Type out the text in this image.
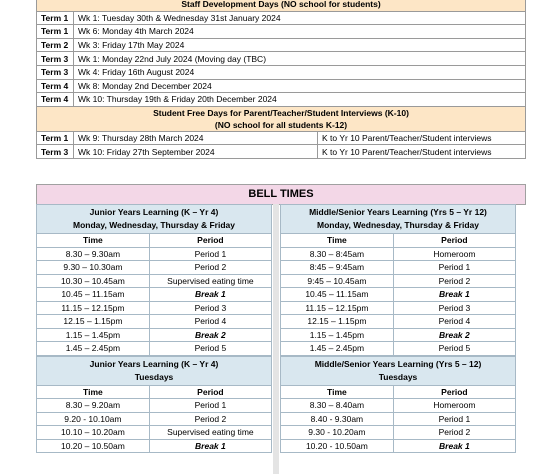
Staff Development Days (NO school for students)		
Term 1	Wk 1: Tuesday 30th & Wednesday 31st January 2024	
Term 1	Wk 6: Monday 4th March 2024	
Term 2	Wk 3: Friday 17th May 2024	
Term 3	Wk 1: Monday 22nd July 2024 (Moving day (TBC)	
Term 3	Wk 4: Friday 16th August 2024	
Term 4	Wk 8: Monday 2nd December 2024	
Term 4	Wk 10: Thursday 19th & Friday 20th December 2024	

Student Free Days for Parent/Teacher/Student Interviews (K-10)
(NO school for all students K-12)		

Term 1	Wk 9: Thursday 28th March 2024	K to Yr 10 Parent/Teacher/Student interviews
Term 3	Wk 10: Friday 27th September 2024	K to Yr 10 Parent/Teacher/Student interviews
BELL TIMES
Junior Years Learning (K – Yr 4)
Monday, Wednesday, Thursday & Friday	

Time	Period
8.30 – 9.30am	Period 1
9.30 – 10.30am	Period 2
10.30 – 10.45am	Supervised eating time
10.45 – 11.15am	Break 1
11.15 – 12.15pm	Period 3
12.15 – 1.15pm	Period 4
1.15 – 1.45pm	Break 2
1.45 – 2.45pm	Period 5
Junior Years Learning (K – Yr 4)
Tuesdays	

Time	Period
8.30 – 9.20am	Period 1
9.20 - 10.10am	Period 2
10.10 – 10.20am	Supervised eating time
10.20 – 10.50am	Break 1
Middle/Senior Years Learning (Yrs 5 – Yr 12)
Monday, Wednesday, Thursday & Friday	

Time	Period
8.30 – 8:45am	Homeroom
8:45 – 9:45am	Period 1
9:45 – 10.45am	Period 2
10.45 – 11.15am	Break 1
11.15 – 12.15pm	Period 3
12.15 – 1.15pm	Period 4
1.15 – 1.45pm	Break 2
1.45 – 2.45pm	Period 5
Middle/Senior Years Learning (Yrs 5 – 12)
Tuesdays	

Time	Period
8.30 – 8.40am	Homeroom
8.40 - 9.30am	Period 1
9.30 - 10.20am	Period 2
10.20 - 10.50am	Break 1
